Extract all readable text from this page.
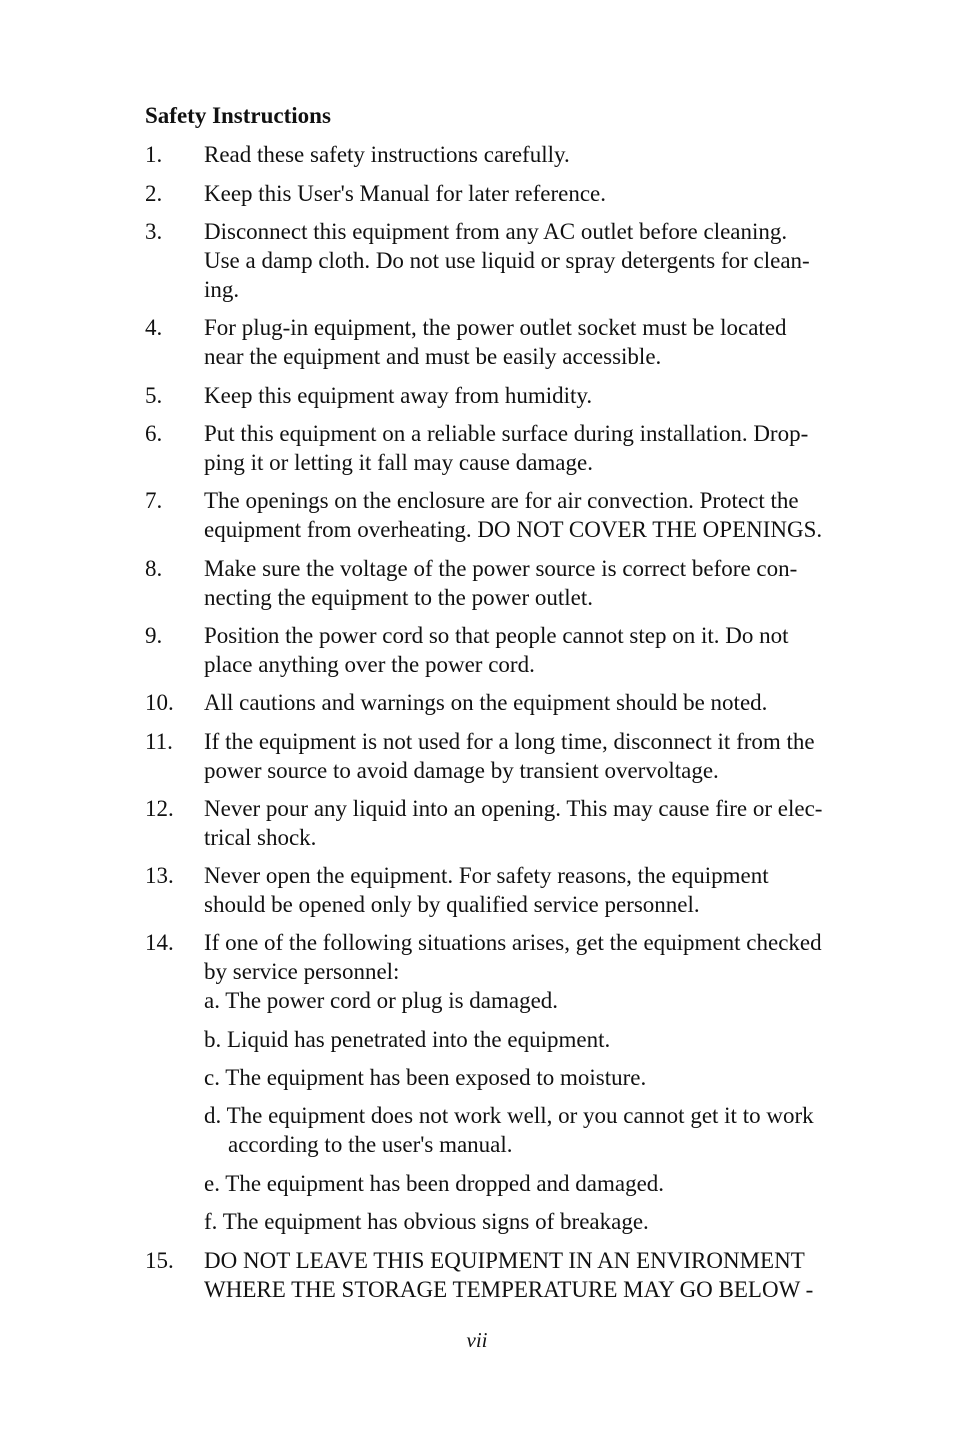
Safety Instructions
1.	Read these safety instructions carefully.
2.	Keep this User's Manual for later reference.
3.	Disconnect this equipment from any AC outlet before cleaning.
Use a damp cloth. Do not use liquid or spray detergents for clean-
ing.
4.	For plug-in equipment, the power outlet socket must be located
near the equipment and must be easily accessible.
5.	Keep this equipment away from humidity.
6.	Put this equipment on a reliable surface during installation. Drop-
ping it or letting it fall may cause damage.
7.	The openings on the enclosure are for air convection. Protect the
equipment from overheating. DO NOT COVER THE OPENINGS.
8.	Make sure the voltage of the power source is correct before con-
necting the equipment to the power outlet.
9.	Position the power cord so that people cannot step on it. Do not
place anything over the power cord.
10.	All cautions and warnings on the equipment should be noted.
11.	If the equipment is not used for a long time, disconnect it from the
power source to avoid damage by transient overvoltage.
12.	Never pour any liquid into an opening. This may cause fire or elec-
trical shock.
13.	Never open the equipment. For safety reasons, the equipment
should be opened only by qualified service personnel.
14.	If one of the following situations arises, get the equipment checked
by service personnel:
a. The power cord or plug is damaged.
b. Liquid has penetrated into the equipment.
c. The equipment has been exposed to moisture.
d. The equipment does not work well, or you cannot get it to work
according to the user's manual.
e. The equipment has been dropped and damaged.
f. The equipment has obvious signs of breakage.
15.	DO NOT LEAVE THIS EQUIPMENT IN AN ENVIRONMENT
WHERE THE STORAGE TEMPERATURE MAY GO BELOW -
vii
